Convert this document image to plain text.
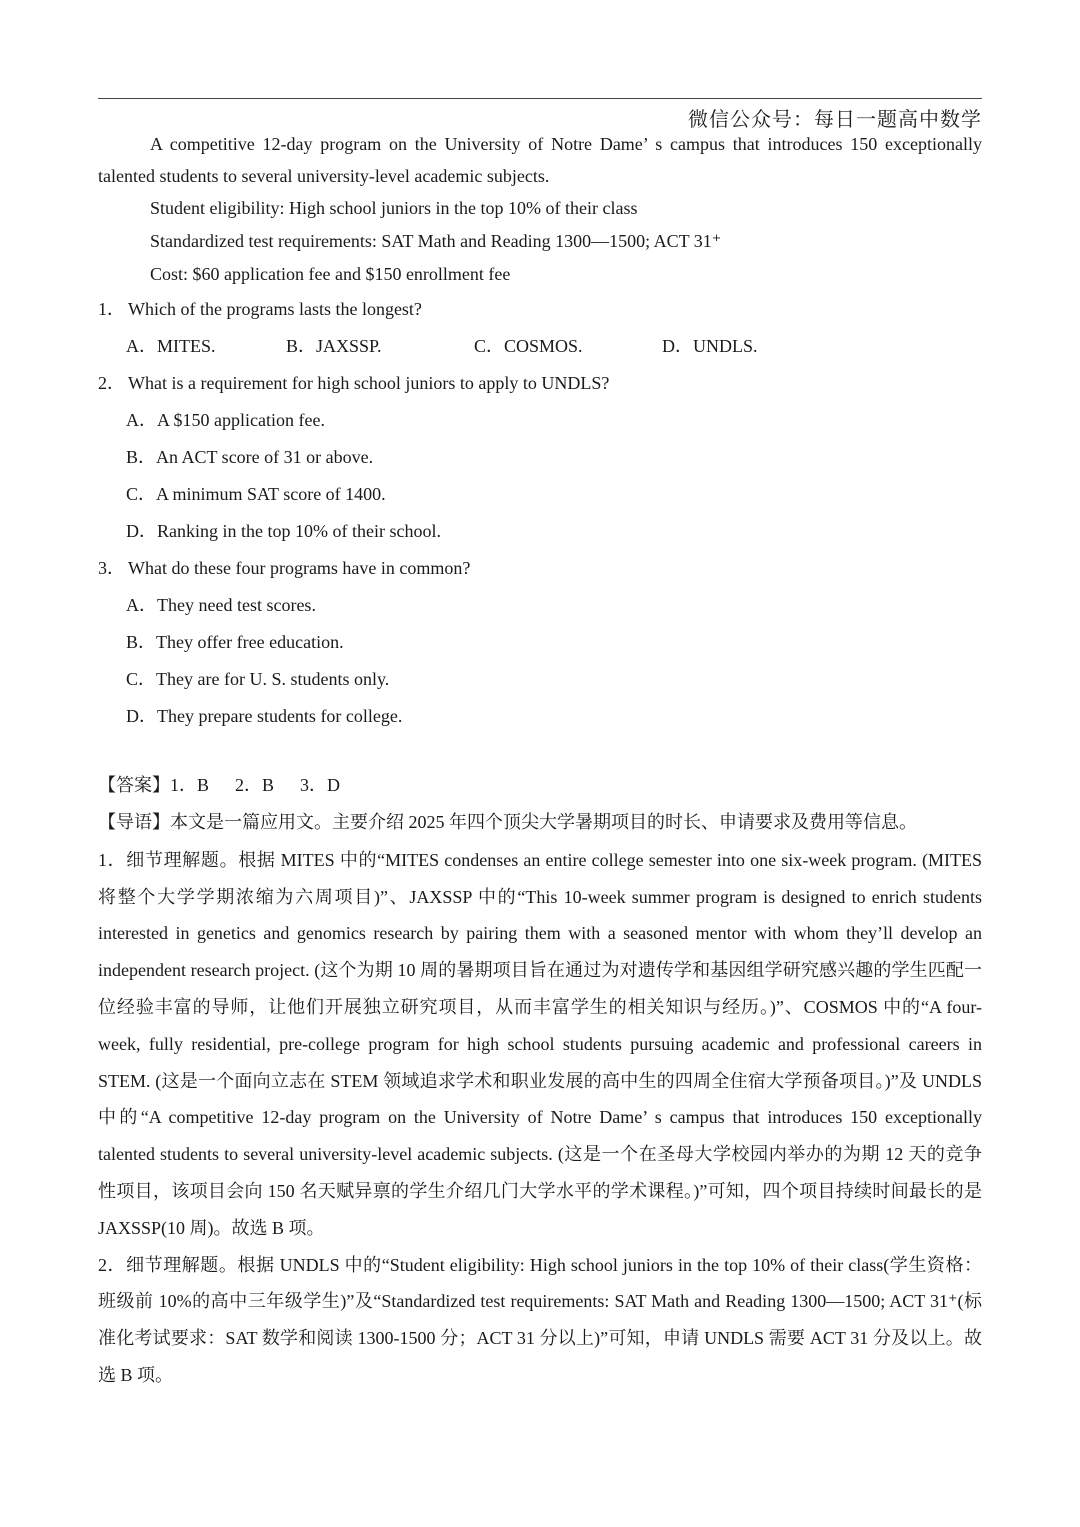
微信公众号：每日一题高中数学

A competitive 12-day program on the University of Notre Dame’ s campus that introduces 150 exceptionally talented students to several university-level academic subjects.

Student eligibility: High school juniors in the top 10% of their class

Standardized test requirements: SAT Math and Reading 1300—1500; ACT 31⁺

Cost: $60 application fee and $150 enrollment fee

1． Which of the programs lasts the longest?

A．MITES.	B．JAXSSP.	C．COSMOS.	D．UNDLS.

2． What is a requirement for high school juniors to apply to UNDLS?

A．A $150 application fee.

B．An ACT score of 31 or above.

C．A minimum SAT score of 1400.

D．Ranking in the top 10% of their school.

3． What do these four programs have in common?

A．They need test scores.

B．They offer free education.

C．They are for U. S. students only.

D．They prepare students for college.

【答案】1．B 2．B 3．D

【导语】本文是一篇应用文。主要介绍 2025 年四个顶尖大学暑期项目的时长、申请要求及费用等信息。

1．细节理解题。根据 MITES 中的“MITES condenses an entire college semester into one six-week program. (MITES 将整个大学学期浓缩为六周项目)”、JAXSSP 中的“This 10-week summer program is designed to enrich students interested in genetics and genomics research by pairing them with a seasoned mentor with whom they’ll develop an independent research project. (这个为期 10 周的暑期项目旨在通过为对遗传学和基因组学研究感兴趣的学生匹配一位经验丰富的导师，让他们开展独立研究项目，从而丰富学生的相关知识与经历。)”、COSMOS 中的“A four-week, fully residential, pre-college program for high school students pursuing academic and professional careers in STEM. (这是一个面向立志在 STEM 领域追求学术和职业发展的高中生的四周全住宿大学预备项目。)”及 UNDLS 中的“A competitive 12-day program on the University of Notre Dame’ s campus that introduces 150 exceptionally talented students to several university-level academic subjects. (这是一个在圣母大学校园内举办的为期 12 天的竞争性项目，该项目会向 150 名天赋异禀的学生介绍几门大学水平的学术课程。)”可知，四个项目持续时间最长的是 JAXSSP(10 周)。故选 B 项。

2．细节理解题。根据 UNDLS 中的“Student eligibility: High school juniors in the top 10% of their class(学生资格：班级前 10%的高中三年级学生)”及“Standardized test requirements: SAT Math and Reading 1300—1500; ACT 31⁺(标准化考试要求：SAT 数学和阅读 1300-1500 分；ACT 31 分以上)”可知，申请 UNDLS 需要 ACT 31 分及以上。故选 B 项。
